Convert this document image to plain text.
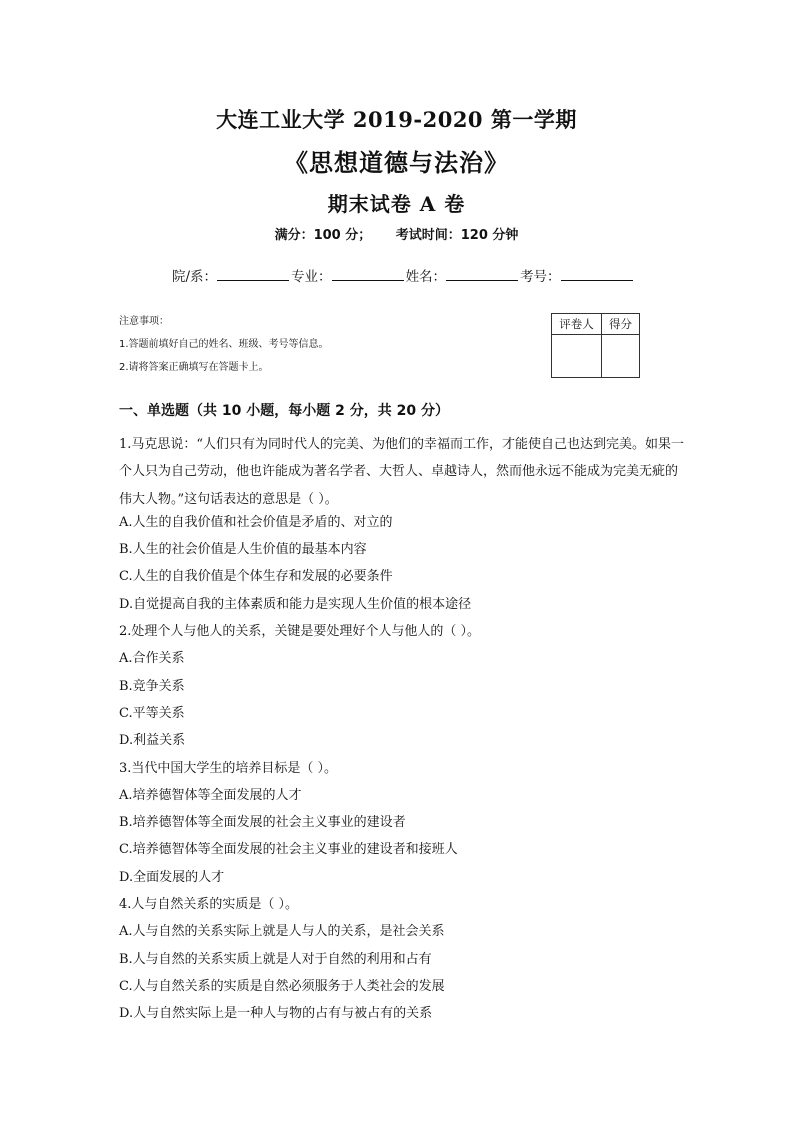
大连工业大学 2019-2020 第一学期
《思想道德与法治》
期末试卷 A 卷
满分：100 分； 考试时间：120 分钟
院/系：	专业：	姓名：	考号：
注意事项：
1.答题前填好自己的姓名、班级、考号等信息。
2.请将答案正确填写在答题卡上。
评卷人	得分

一、单选题（共 10 小题，每小题 2 分，共 20 分）
1.马克思说：“人们只有为同时代人的完美、为他们的幸福而工作，才能使自己也达到完美。如果一个人只为自己劳动，他也许能成为著名学者、大哲人、卓越诗人，然而他永远不能成为完美无疵的伟大人物。”这句话表达的意思是（ ）。
A.人生的自我价值和社会价值是矛盾的、对立的
B.人生的社会价值是人生价值的最基本内容
C.人生的自我价值是个体生存和发展的必要条件
D.自觉提高自我的主体素质和能力是实现人生价值的根本途径
2.处理个人与他人的关系，关键是要处理好个人与他人的（ ）。
A.合作关系
B.竞争关系
C.平等关系
D.利益关系
3.当代中国大学生的培养目标是（ ）。
A.培养德智体等全面发展的人才
B.培养德智体等全面发展的社会主义事业的建设者
C.培养德智体等全面发展的社会主义事业的建设者和接班人
D.全面发展的人才
4.人与自然关系的实质是（ ）。
A.人与自然的关系实际上就是人与人的关系，是社会关系
B.人与自然的关系实质上就是人对于自然的利用和占有
C.人与自然关系的实质是自然必须服务于人类社会的发展
D.人与自然实际上是一种人与物的占有与被占有的关系
